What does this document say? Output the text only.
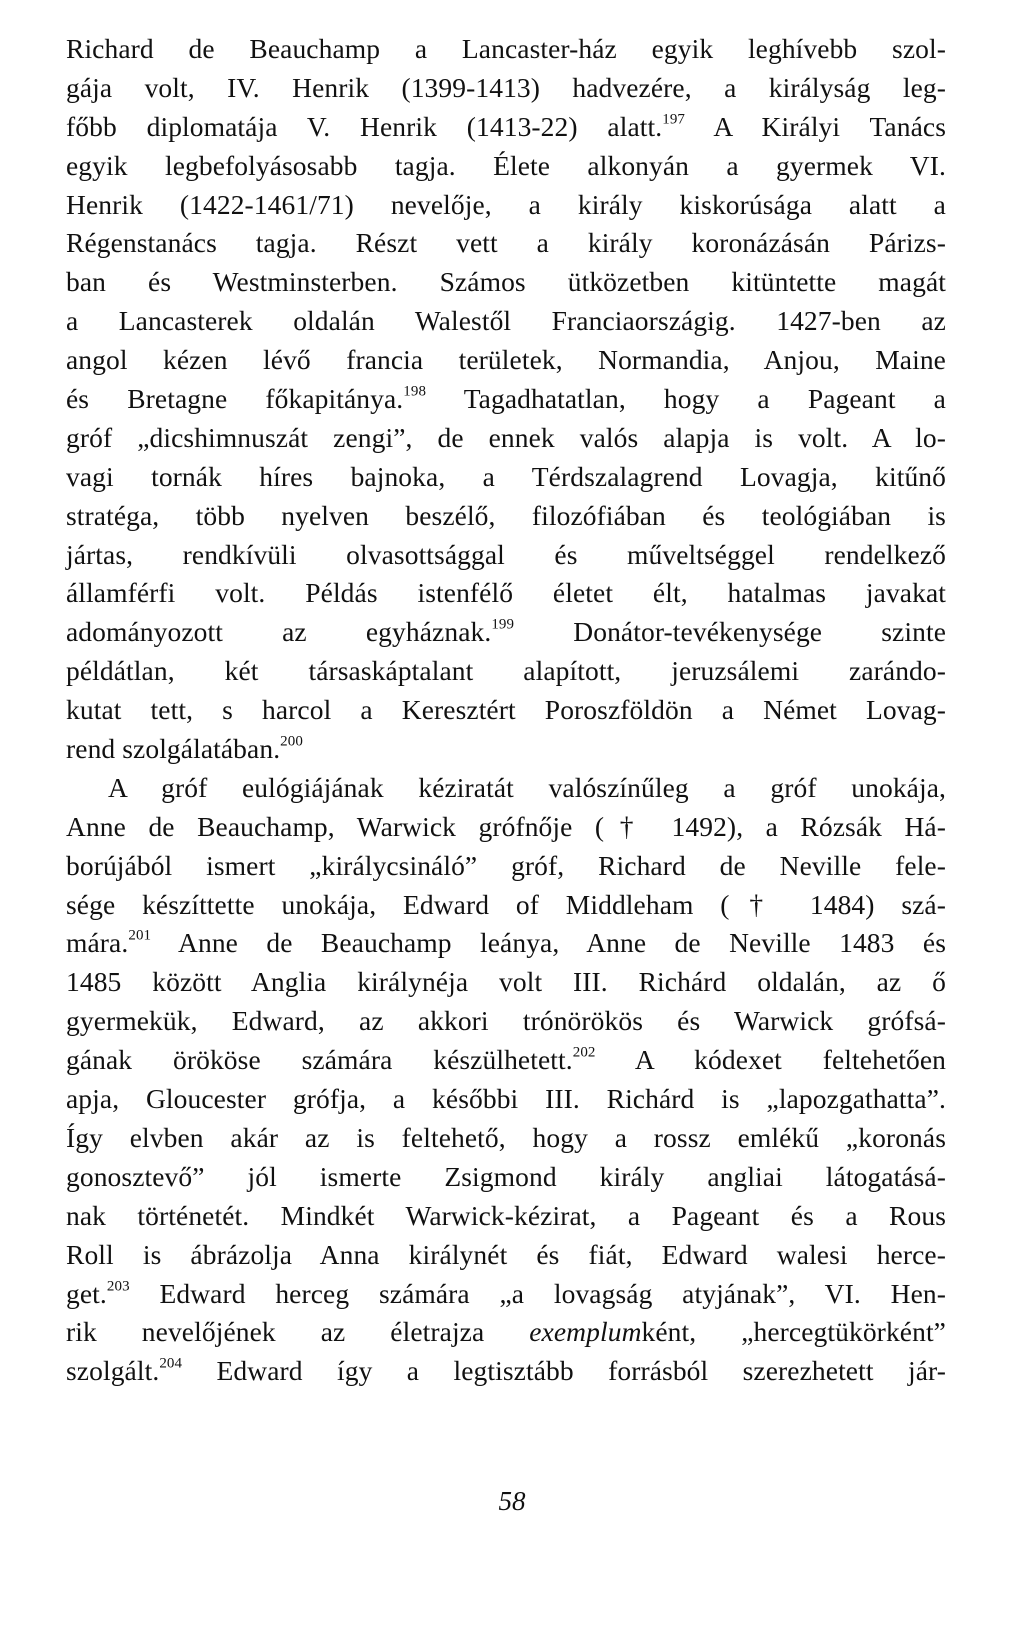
Richard de Beauchamp a Lancaster-ház egyik leghívebb szol-
gája volt, IV. Henrik (1399-1413) hadvezére, a királyság leg-
főbb diplomatája V. Henrik (1413-22) alatt.$^{197}$ A Királyi Tanács
egyik legbefolyásosabb tagja. Élete alkonyán a gyermek VI.
Henrik (1422-1461/71) nevelője, a király kiskorúsága alatt a
Régenstanács tagja. Részt vett a király koronázásán Párizs-
ban és Westminsterben. Számos ütközetben kitüntette magát
a Lancasterek oldalán Walestől Franciaországig. 1427-ben az
angol kézen lévő francia területek, Normandia, Anjou, Maine
és Bretagne főkapitánya.$^{198}$ Tagadhatatlan, hogy a Pageant a
gróf „dicshimnuszát zengi”, de ennek valós alapja is volt. A lo-
vagi tornák híres bajnoka, a Térdszalagrend Lovagja, kitűnő
stratéga, több nyelven beszélő, filozófiában és teológiában is
jártas, rendkívüli olvasottsággal és műveltséggel rendelkező
államférfi volt. Példás istenfélő életet élt, hatalmas javakat
adományozott az egyháznak.$^{199}$ Donátor-tevékenysége szinte
példátlan, két társaskáptalant alapított, jeruzsálemi zarándo-
kutat tett, s harcol a Keresztért Poroszföldön a Német Lovag-
rend szolgálatában.$^{200}$
A gróf eulógiájának kéziratát valószínűleg a gróf unokája,
Anne de Beauchamp, Warwick grófnője († 1492), a Rózsák Há-
borújából ismert „királycsináló” gróf, Richard de Neville fele-
sége készíttette unokája, Edward of Middleham († 1484) szá-
mára.$^{201}$ Anne de Beauchamp leánya, Anne de Neville 1483 és
1485 között Anglia királynéja volt III. Richárd oldalán, az ő
gyermekük, Edward, az akkori trónörökös és Warwick grófsá-
gának örököse számára készülhetett.$^{202}$ A kódexet feltehetően
apja, Gloucester grófja, a későbbi III. Richárd is „lapozgathatta”.
Így elvben akár az is feltehető, hogy a rossz emlékű „koronás
gonosztevő” jól ismerte Zsigmond király angliai látogatásá-
nak történetét. Mindkét Warwick-kézirat, a Pageant és a Rous
Roll is ábrázolja Anna királynét és fiát, Edward walesi herce-
get.$^{203}$ Edward herceg számára „a lovagság atyjának”, VI. Hen-
rik nevelőjének az életrajza exemplumként, „hercegtükörként”
szolgált.$^{204}$ Edward így a legtisztább forrásból szerezhetett jár-
58
